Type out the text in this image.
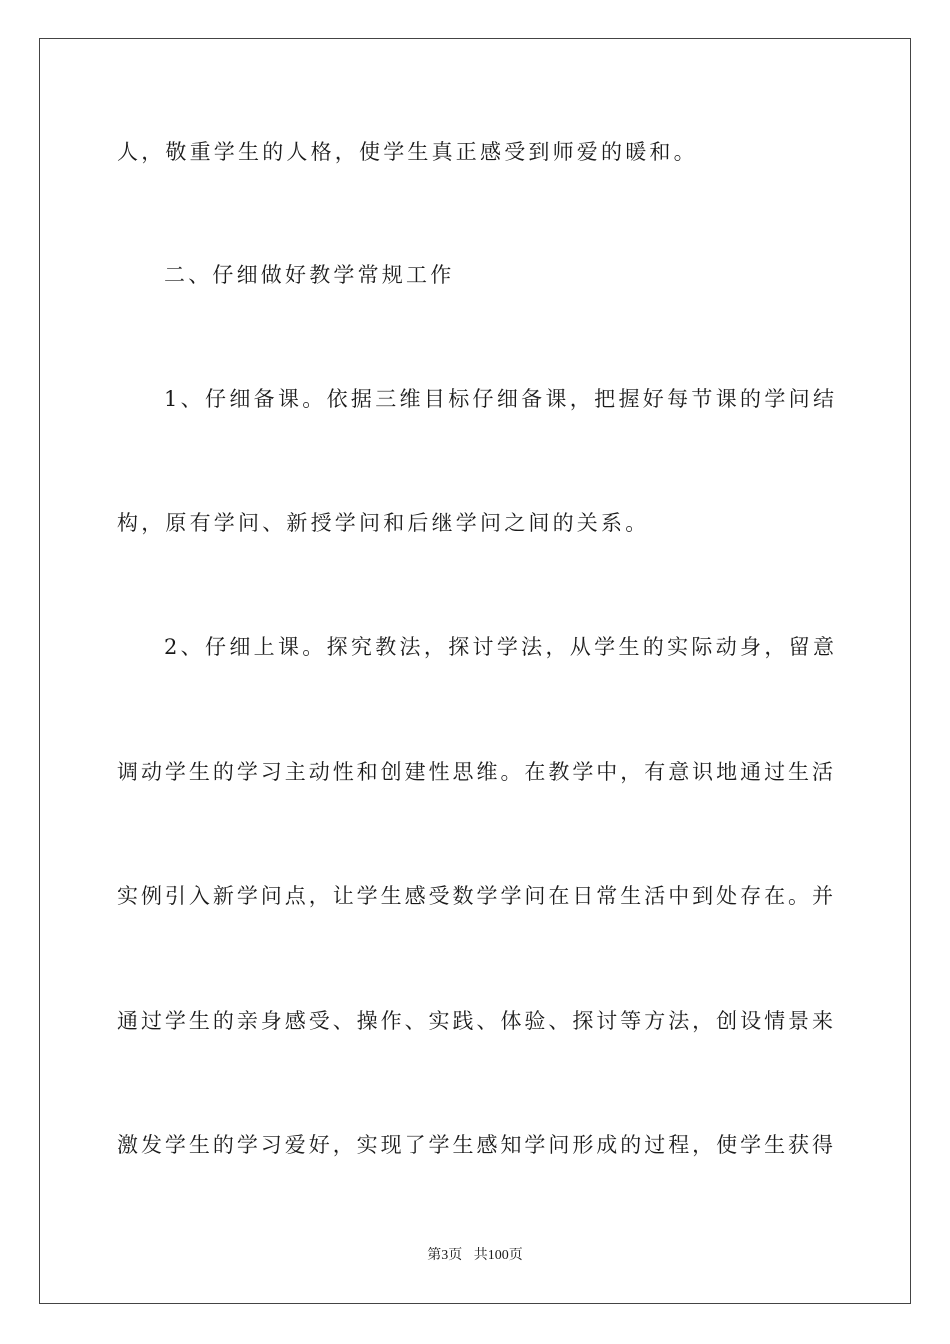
人，敬重学生的人格，使学生真正感受到师爱的暖和。

二、仔细做好教学常规工作

1、仔细备课。依据三维目标仔细备课，把握好每节课的学问结

构，原有学问、新授学问和后继学问之间的关系。

2、仔细上课。探究教法，探讨学法，从学生的实际动身，留意

调动学生的学习主动性和创建性思维。在教学中，有意识地通过生活

实例引入新学问点，让学生感受数学学问在日常生活中到处存在。并

通过学生的亲身感受、操作、实践、体验、探讨等方法，创设情景来

激发学生的学习爱好，实现了学生感知学问形成的过程，使学生获得

第3页 共100页
